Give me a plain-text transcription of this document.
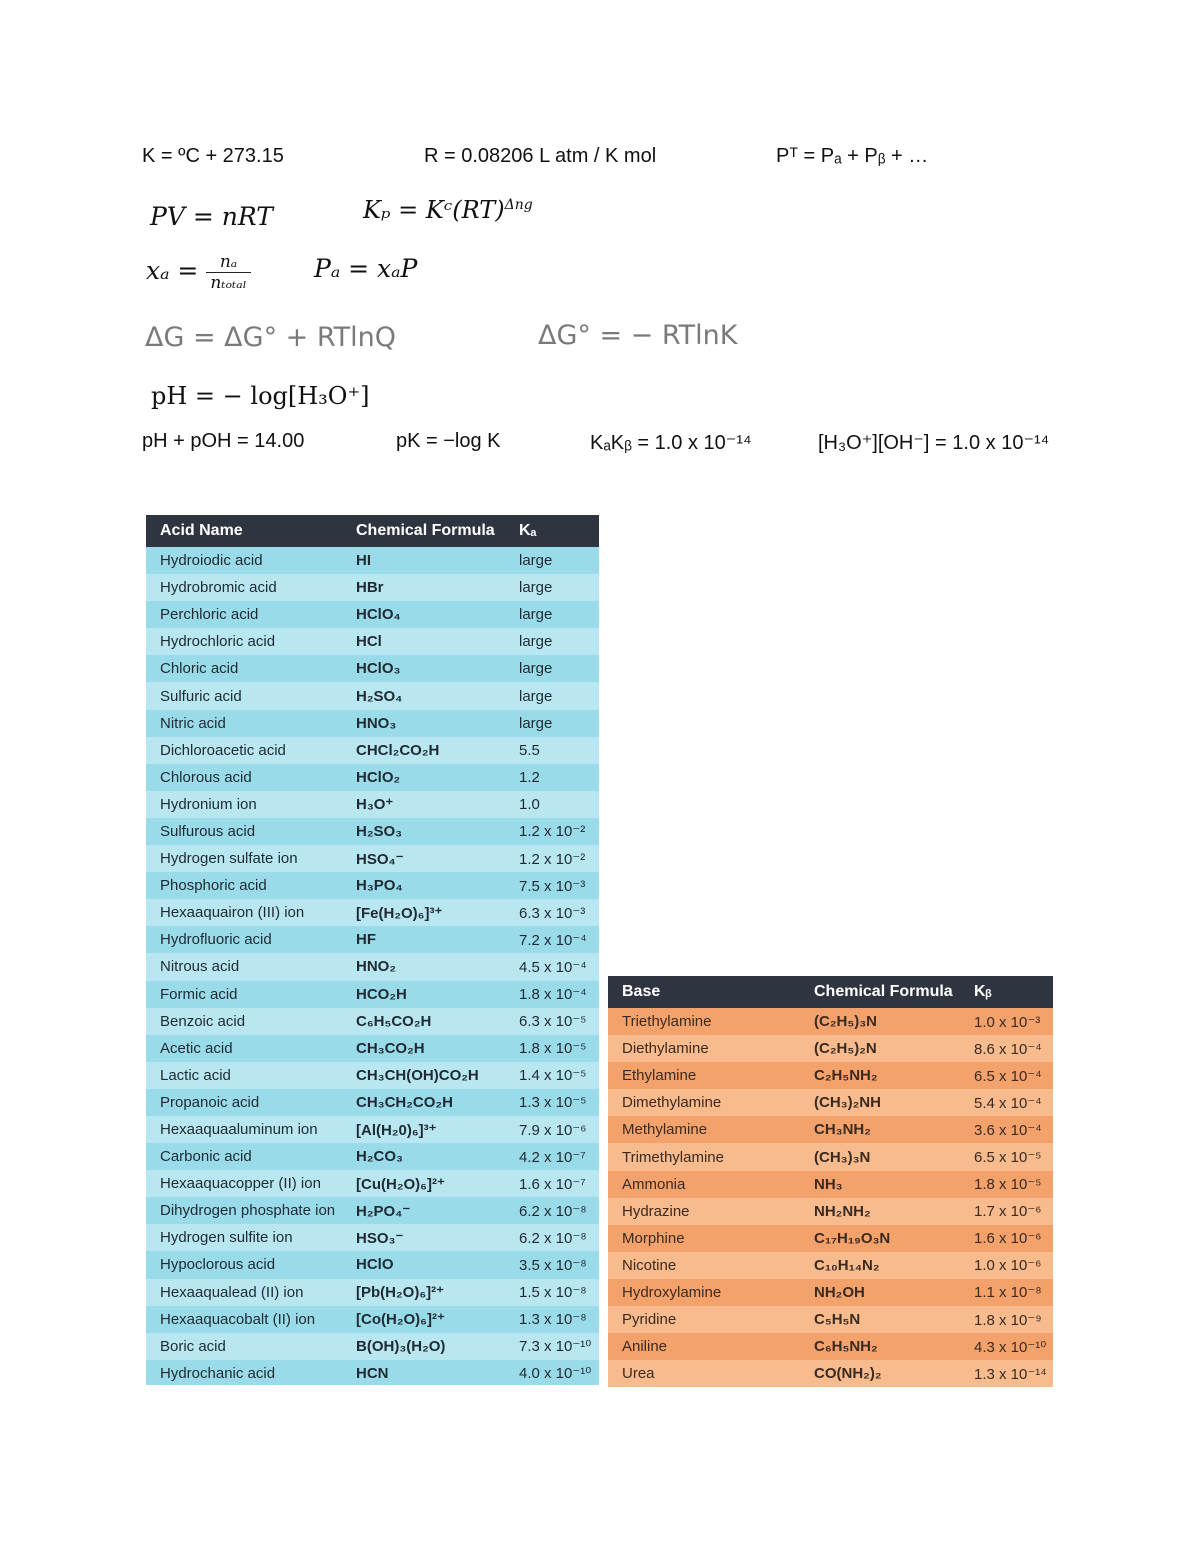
K = ºC + 273.15	R = 0.08206 L atm / K mol	Pᵀ = Pₐ + Pᵦ + …
PV = nRT	Kₚ = Kᶜ(RT)$^{\Delta ng}$
$x_a = \frac{\text{nₐ}}{\text{nₜₒₜₐₗ}}$	Pₐ = xₐP
ΔG = ΔG° + RTlnQ	ΔG° = − RTlnK
pH = − log[H₃O⁺]
pH + pOH = 14.00	pK = −log K	KₐKᵦ = 1.0 x 10⁻¹⁴	[H₃O⁺][OH⁻] = 1.0 x 10⁻¹⁴
Acid Name	Chemical Formula	Kₐ
Hydroiodic acid	HI	large
Hydrobromic acid	HBr	large
Perchloric acid	HClO₄	large
Hydrochloric acid	HCl	large
Chloric acid	HClO₃	large
Sulfuric acid	H₂SO₄	large
Nitric acid	HNO₃	large
Dichloroacetic acid	CHCl₂CO₂H	5.5
Chlorous acid	HClO₂	1.2
Hydronium ion	H₃O⁺	1.0
Sulfurous acid	H₂SO₃	1.2 x 10⁻²
Hydrogen sulfate ion	HSO₄⁻	1.2 x 10⁻²
Phosphoric acid	H₃PO₄	7.5 x 10⁻³
Hexaaquairon (III) ion	[Fe(H₂O)₆]³⁺	6.3 x 10⁻³
Hydrofluoric acid	HF	7.2 x 10⁻⁴
Nitrous acid	HNO₂	4.5 x 10⁻⁴
Formic acid	HCO₂H	1.8 x 10⁻⁴
Benzoic acid	C₆H₅CO₂H	6.3 x 10⁻⁵
Acetic acid	CH₃CO₂H	1.8 x 10⁻⁵
Lactic acid	CH₃CH(OH)CO₂H	1.4 x 10⁻⁵
Propanoic acid	CH₃CH₂CO₂H	1.3 x 10⁻⁵
Hexaaquaaluminum ion	[Al(H₂0)₆]³⁺	7.9 x 10⁻⁶
Carbonic acid	H₂CO₃	4.2 x 10⁻⁷
Hexaaquacopper (II) ion	[Cu(H₂O)₆]²⁺	1.6 x 10⁻⁷
Dihydrogen phosphate ion	H₂PO₄⁻	6.2 x 10⁻⁸
Hydrogen sulfite ion	HSO₃⁻	6.2 x 10⁻⁸
Hypoclorous acid	HClO	3.5 x 10⁻⁸
Hexaaqualead (II) ion	[Pb(H₂O)₆]²⁺	1.5 x 10⁻⁸
Hexaaquacobalt (II) ion	[Co(H₂O)₆]²⁺	1.3 x 10⁻⁸
Boric acid	B(OH)₃(H₂O)	7.3 x 10⁻¹⁰
Hydrochanic acid	HCN	4.0 x 10⁻¹⁰
Base	Chemical Formula	Kᵦ
Triethylamine	(C₂H₅)₃N	1.0 x 10⁻³
Diethylamine	(C₂H₅)₂N	8.6 x 10⁻⁴
Ethylamine	C₂H₅NH₂	6.5 x 10⁻⁴
Dimethylamine	(CH₃)₂NH	5.4 x 10⁻⁴
Methylamine	CH₃NH₂	3.6 x 10⁻⁴
Trimethylamine	(CH₃)₃N	6.5 x 10⁻⁵
Ammonia	NH₃	1.8 x 10⁻⁵
Hydrazine	NH₂NH₂	1.7 x 10⁻⁶
Morphine	C₁₇H₁₉O₃N	1.6 x 10⁻⁶
Nicotine	C₁₀H₁₄N₂	1.0 x 10⁻⁶
Hydroxylamine	NH₂OH	1.1 x 10⁻⁸
Pyridine	C₅H₅N	1.8 x 10⁻⁹
Aniline	C₆H₅NH₂	4.3 x 10⁻¹⁰
Urea	CO(NH₂)₂	1.3 x 10⁻¹⁴
